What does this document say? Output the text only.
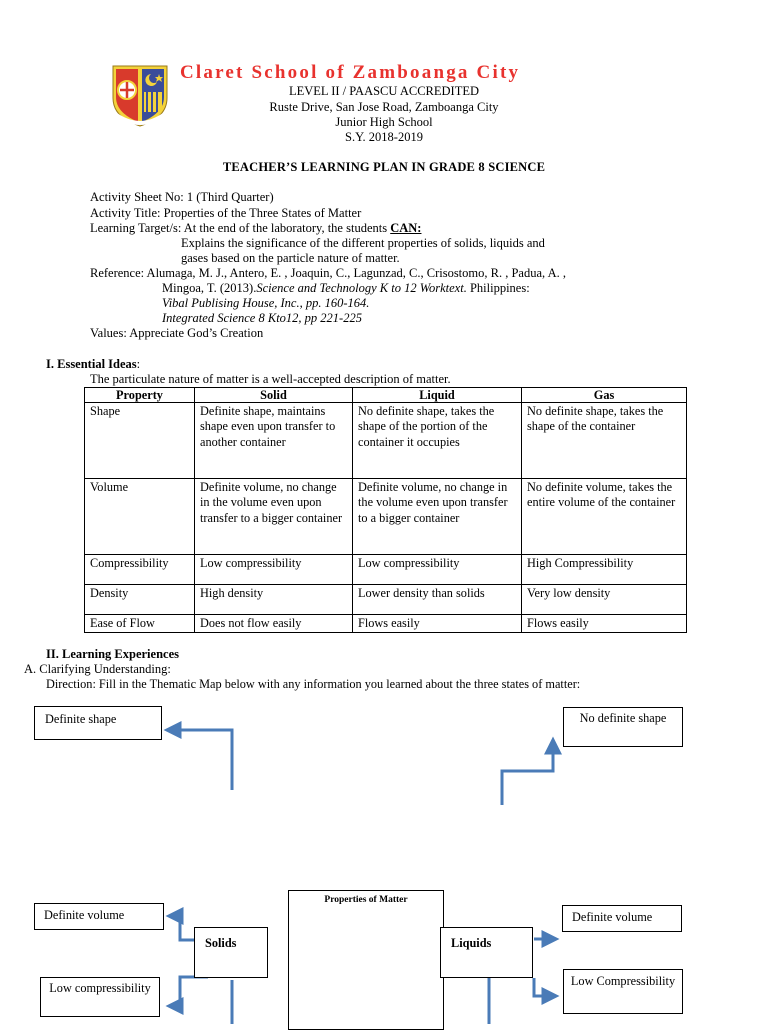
Claret School of Zamboanga City
LEVEL II / PAASCU ACCREDITED
Ruste Drive, San Jose Road, Zamboanga City
Junior High School
S.Y. 2018-2019
TEACHER’S LEARNING PLAN IN GRADE 8 SCIENCE
Activity Sheet No: 1 (Third Quarter)
Activity Title: Properties of the Three States of Matter
Learning Target/s: At the end of the laboratory, the students CAN:
Explains the significance of the different properties of solids, liquids and
gases based on the particle nature of matter.
Reference: Alumaga, M. J., Antero, E. , Joaquin, C., Lagunzad, C., Crisostomo, R. , Padua, A. ,
Mingoa, T. (2013).Science and Technology K to 12 Worktext. Philippines:
Vibal Publising House, Inc., pp. 160-164.
Integrated Science 8 Kto12, pp 221-225
Values: Appreciate God’s Creation
I. Essential Ideas:
The particulate nature of matter is a well-accepted description of matter.
Property	Solid	Liquid	Gas
Shape	Definite shape, maintains shape even upon transfer to another container	No definite shape, takes the shape of the portion of the container it occupies	No definite shape, takes the shape of the container
Volume	Definite volume, no change in the volume even upon transfer to a bigger container	Definite volume, no change in the volume even upon transfer to a bigger container	No definite volume, takes the entire volume of the container
Compressibility	Low compressibility	Low compressibility	High Compressibility
Density	High density	Lower density than solids	Very low density
Ease of Flow	Does not flow easily	Flows easily	Flows easily
II. Learning Experiences
A. Clarifying Understanding:
Direction: Fill in the Thematic Map below with any information you learned about the three states of matter:
Definite shape	No definite shape
Properties of Matter
Definite volume
Solids	Liquids
Definite volume
Low compressibility	Low Compressibility
